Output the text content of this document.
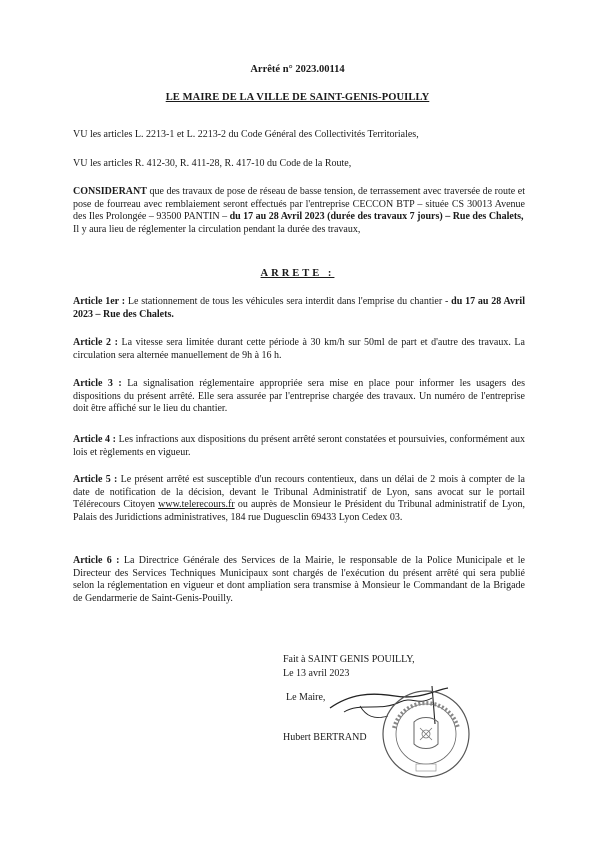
Arrêté n° 2023.00114
LE MAIRE DE LA VILLE DE SAINT-GENIS-POUILLY
VU les articles L. 2213-1 et L. 2213-2 du Code Général des Collectivités Territoriales,
VU les articles R. 412-30, R. 411-28, R. 417-10 du Code de la Route,
CONSIDERANT que des travaux de pose de réseau de basse tension, de terrassement avec traversée de route et pose de fourreau avec remblaiement seront effectués par l'entreprise CECCON BTP – située CS 30013 Avenue des Iles Prolongée – 93500 PANTIN – du 17 au 28 Avril 2023 (durée des travaux 7 jours) – Rue des Chalets,
Il y aura lieu de réglementer la circulation pendant la durée des travaux,
ARRETE :
Article 1er : Le stationnement de tous les véhicules sera interdit dans l'emprise du chantier - du 17 au 28 Avril 2023 – Rue des Chalets.
Article 2 : La vitesse sera limitée durant cette période à 30 km/h sur 50ml de part et d'autre des travaux. La circulation sera alternée manuellement de 9h à 16 h.
Article 3 : La signalisation réglementaire appropriée sera mise en place pour informer les usagers des dispositions du présent arrêté. Elle sera assurée par l'entreprise chargée des travaux. Un numéro de l'entreprise doit être affiché sur le lieu du chantier.
Article 4 : Les infractions aux dispositions du présent arrêté seront constatées et poursuivies, conformément aux lois et règlements en vigueur.
Article 5 : Le présent arrêté est susceptible d'un recours contentieux, dans un délai de 2 mois à compter de la date de notification de la décision, devant le Tribunal Administratif de Lyon, sans avocat sur le portail Télérecours Citoyen www.telerecours.fr ou auprès de Monsieur le Président du Tribunal administratif de Lyon, Palais des Juridictions administratives, 184 rue Duguesclin 69433 Lyon Cedex 03.
Article 6 : La Directrice Générale des Services de la Mairie, le responsable de la Police Municipale et le Directeur des Services Techniques Municipaux sont chargés de l'exécution du présent arrêté qui sera publié selon la réglementation en vigueur et dont ampliation sera transmise à Monsieur le Commandant de la Brigade de Gendarmerie de Saint-Genis-Pouilly.
Fait à SAINT GENIS POUILLY,
Le 13 avril 2023
Le Maire,
Hubert BERTRAND
